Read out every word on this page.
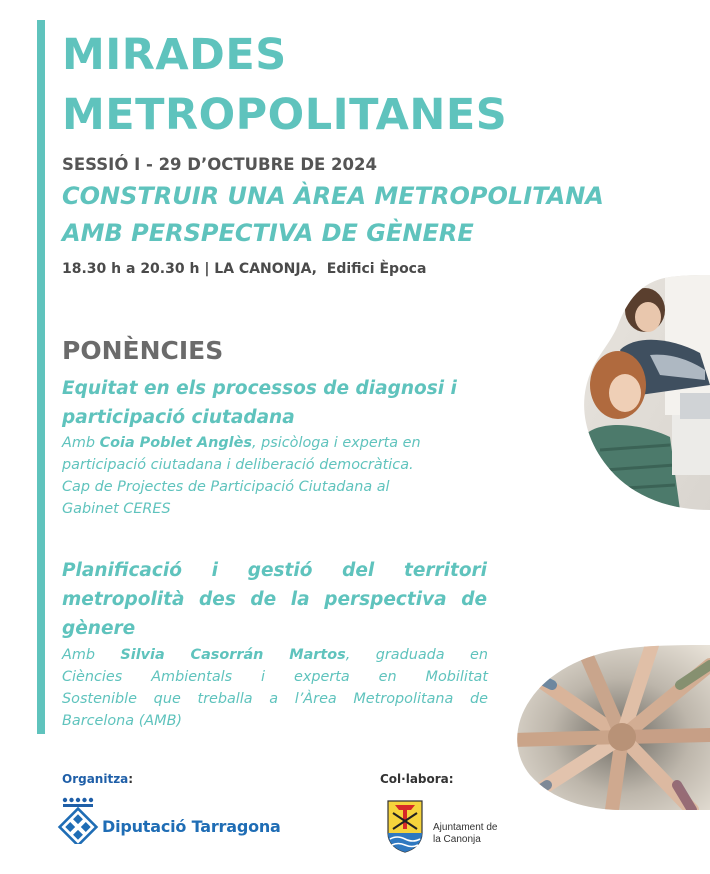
MIRADES
METROPOLITANES
SESSIÓ I - 29 D’OCTUBRE DE 2024
CONSTRUIR UNA ÀREA METROPOLITANA
AMB PERSPECTIVA DE GÈNERE
18.30 h a 20.30 h | LA CANONJA,  Edifici Època
PONÈNCIES
Equitat en els processos de diagnosi i
participació ciutadana

Amb Coia Poblet Anglès, psicòloga i experta en
participació ciutadana i deliberació democràtica.
Cap de Projectes de Participació Ciutadana al
Gabinet CERES

Planificació i gestió del territori
metropolità des de la perspectiva de
gènere

Amb Silvia Casorrán Martos, graduada en
Ciències Ambientals i experta en Mobilitat
Sostenible que treballa a l’Àrea Metropolitana de
Barcelona (AMB)

Organitza:
Diputació Tarragona
Col·labora:
Ajuntament de
la Canonja
